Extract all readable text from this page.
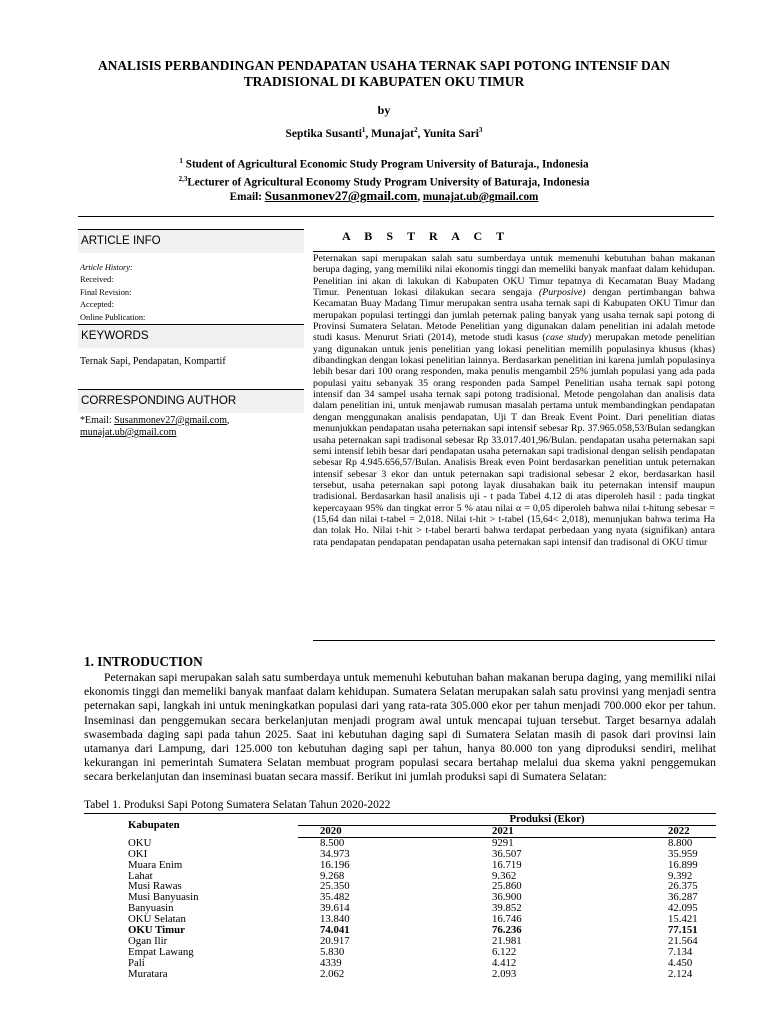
ANALISIS PERBANDINGAN PENDAPATAN USAHA TERNAK SAPI POTONG INTENSIF DAN TRADISIONAL DI KABUPATEN OKU TIMUR
by
Septika Susanti$^1$, Munajat$^2$, Yunita Sari$^3$
$^1$ Student of Agricultural Economic Study Program University of Baturaja., Indonesia
$^{2,3}$Lecturer of Agricultural Economy Study Program University of Baturaja, Indonesia
Email: Susanmonev27@gmail.com, munajat.ub@gmail.com
ARTICLE INFO
Article History:
Received:
Final Revision:
Accepted:
Online Publication:
KEYWORDS
Ternak Sapi, Pendapatan, Kompartif
CORRESPONDING AUTHOR
*Email: Susanmonev27@gmail.com,
munajat.ub@gmail.com
A B S T R A C T

Peternakan sapi merupakan salah satu sumberdaya untuk memenuhi kebutuhan bahan makanan berupa daging, yang memiliki nilai ekonomis tinggi dan memeliki banyak manfaat dalam kehidupan. Penelitian ini akan di lakukan di Kabupaten OKU Timur tepatnya di Kecamatan Buay Madang Timur. Penentuan lokasi dilakukan secara sengaja (Purposive) dengan pertimbangan bahwa Kecamatan Buay Madang Timur merupakan sentra usaha ternak sapi di Kabupaten OKU Timur dan merupakan populasi tertinggi dan jumlah peternak paling banyak yang usaha ternak sapi potong di Provinsi Sumatera Selatan. Metode Penelitian yang digunakan dalam penelitian ini adalah metode studi kasus. Menurut Sriati (2014), metode studi kasus (case study) merupakan metode penelitian yang digunakan untuk jenis penelitian yang lokasi penelitian memilih populasinya khusus (khas) dibandingkan dengan lokasi penelitian lainnya. Berdasarkan penelitian ini karena jumlah populasinya lebih besar dari 100 orang responden, maka penulis mengambil 25% jumlah populasi yang ada pada populasi yaitu sebanyak 35 orang responden pada Sampel Penelitian usaha ternak sapi potong intensif dan 34 sampel usaha ternak sapi potong tradisional. Metode pengolahan dan analisis data dalam penelitian ini, untuk menjawab rumusan masalah pertama untuk membandingkan pendapatan dengan menggunakan analisis pendapatan, Uji T dan Break Event Point. Dari penelitian diatas menunjukkan pendapatan usaha peternakan sapi intensif sebesar Rp. 37.965.058,53/Bulan sedangkan usaha peternakan sapi tradisonal sebesar Rp 33.017.401,96/Bulan. pendapatan usaha peternakan sapi semi intensif lebih besar dari pendapatan usaha peternakan sapi tradisional dengan selisih pendapatan sebesar Rp 4.945.656,57/Bulan. Analisis Break even Point berdasarkan penelitian untuk peternakan intensif sebesar 3 ekor dan untuk peternakan sapi tradisional sebesar 2 ekor, berdasarkan hasil tersebut, usaha peternakan sapi potong layak diusahakan baik itu peternakan intensif maupun tradisional. Berdasarkan hasil analisis uji - t pada Tabel 4.12 di atas diperoleh hasil : pada tingkat kepercayaan 95% dan tingkat error 5 % atau nilai α = 0,05 diperoleh bahwa nilai t-hitung sebesar = (15,64 dan nilai t-tabel = 2,018. Nilai t-hit > t-tabel (15,64< 2,018), menunjukan bahwa terima Ha dan tolak Ho. Nilai t-hit > t-tabel berarti bahwa terdapat perbedaan yang nyata (signifikan) antara rata pendapatan pendapatan pendapatan usaha peternakan sapi intensif dan tradisonal di OKU timur

1. INTRODUCTION

Peternakan sapi merupakan salah satu sumberdaya untuk memenuhi kebutuhan bahan makanan berupa daging, yang memiliki nilai ekonomis tinggi dan memeliki banyak manfaat dalam kehidupan. Sumatera Selatan merupakan salah satu provinsi yang menjadi sentra peternakan sapi, langkah ini untuk meningkatkan populasi dari yang rata-rata 305.000 ekor per tahun menjadi 700.000 ekor per tahun. Inseminasi dan penggemukan secara berkelanjutan menjadi program awal untuk mencapai tujuan tersebut. Target besarnya adalah swasembada daging sapi pada tahun 2025. Saat ini kebutuhan daging sapi di Sumatera Selatan masih di pasok dari provinsi lain utamanya dari Lampung, dari 125.000 ton kebutuhan daging sapi per tahun, hanya 80.000 ton yang diproduksi sendiri, melihat kekurangan ini pemerintah Sumatera Selatan membuat program populasi secara bertahap melalui dua skema yakni penggemukan secara berkelanjutan dan inseminasi buatan secara massif. Berikut ini jumlah produksi sapi di Sumatera Selatan:

Tabel 1. Produksi Sapi Potong Sumatera Selatan Tahun 2020-2022
Kabupaten	Produksi (Ekor)		
	2020	2021	2022
OKU	8.500	9291	8.800
OKI	34.973	36.507	35.959
Muara Enim	16.196	16.719	16.899
Lahat	9.268	9.362	9.392
Musi Rawas	25.350	25.860	26.375
Musi Banyuasin	35.482	36.900	36.287
Banyuasin	39.614	39.852	42.095
OKU Selatan	13.840	16.746	15.421
OKU Timur	74.041	76.236	77.151
Ogan Ilir	20.917	21.981	21.564
Empat Lawang	5.830	6.122	7.134
Pali	4339	4.412	4.450
Muratara	2.062	2.093	2.124
